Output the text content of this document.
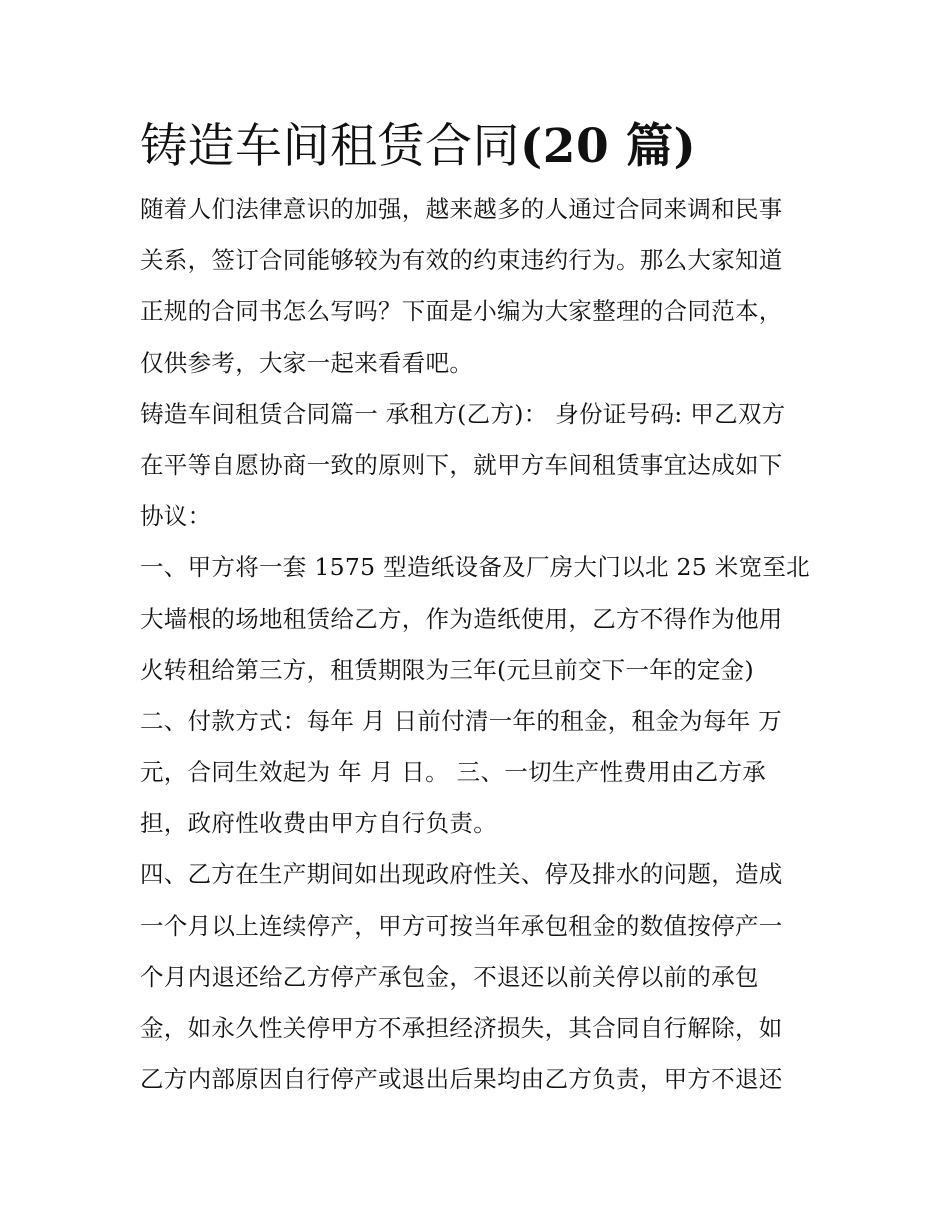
铸造车间租赁合同(20 篇)

随着人们法律意识的加强，越来越多的人通过合同来调和民事
关系，签订合同能够较为有效的约束违约行为。那么大家知道
正规的合同书怎么写吗？下面是小编为大家整理的合同范本，
仅供参考，大家一起来看看吧。

铸造车间租赁合同篇一 承租方(乙方)： 身份证号码: 甲乙双方
在平等自愿协商一致的原则下，就甲方车间租赁事宜达成如下
协议：

一、甲方将一套 1575 型造纸设备及厂房大门以北 25 米宽至北
大墙根的场地租赁给乙方，作为造纸使用，乙方不得作为他用
火转租给第三方，租赁期限为三年(元旦前交下一年的定金)

二、付款方式：每年 月 日前付清一年的租金，租金为每年 万
元，合同生效起为 年 月 日。 三、一切生产性费用由乙方承
担，政府性收费由甲方自行负责。

四、乙方在生产期间如出现政府性关、停及排水的问题，造成
一个月以上连续停产，甲方可按当年承包租金的数值按停产一
个月内退还给乙方停产承包金，不退还以前关停以前的承包
金，如永久性关停甲方不承担经济损失，其合同自行解除，如
乙方内部原因自行停产或退出后果均由乙方负责，甲方不退还
